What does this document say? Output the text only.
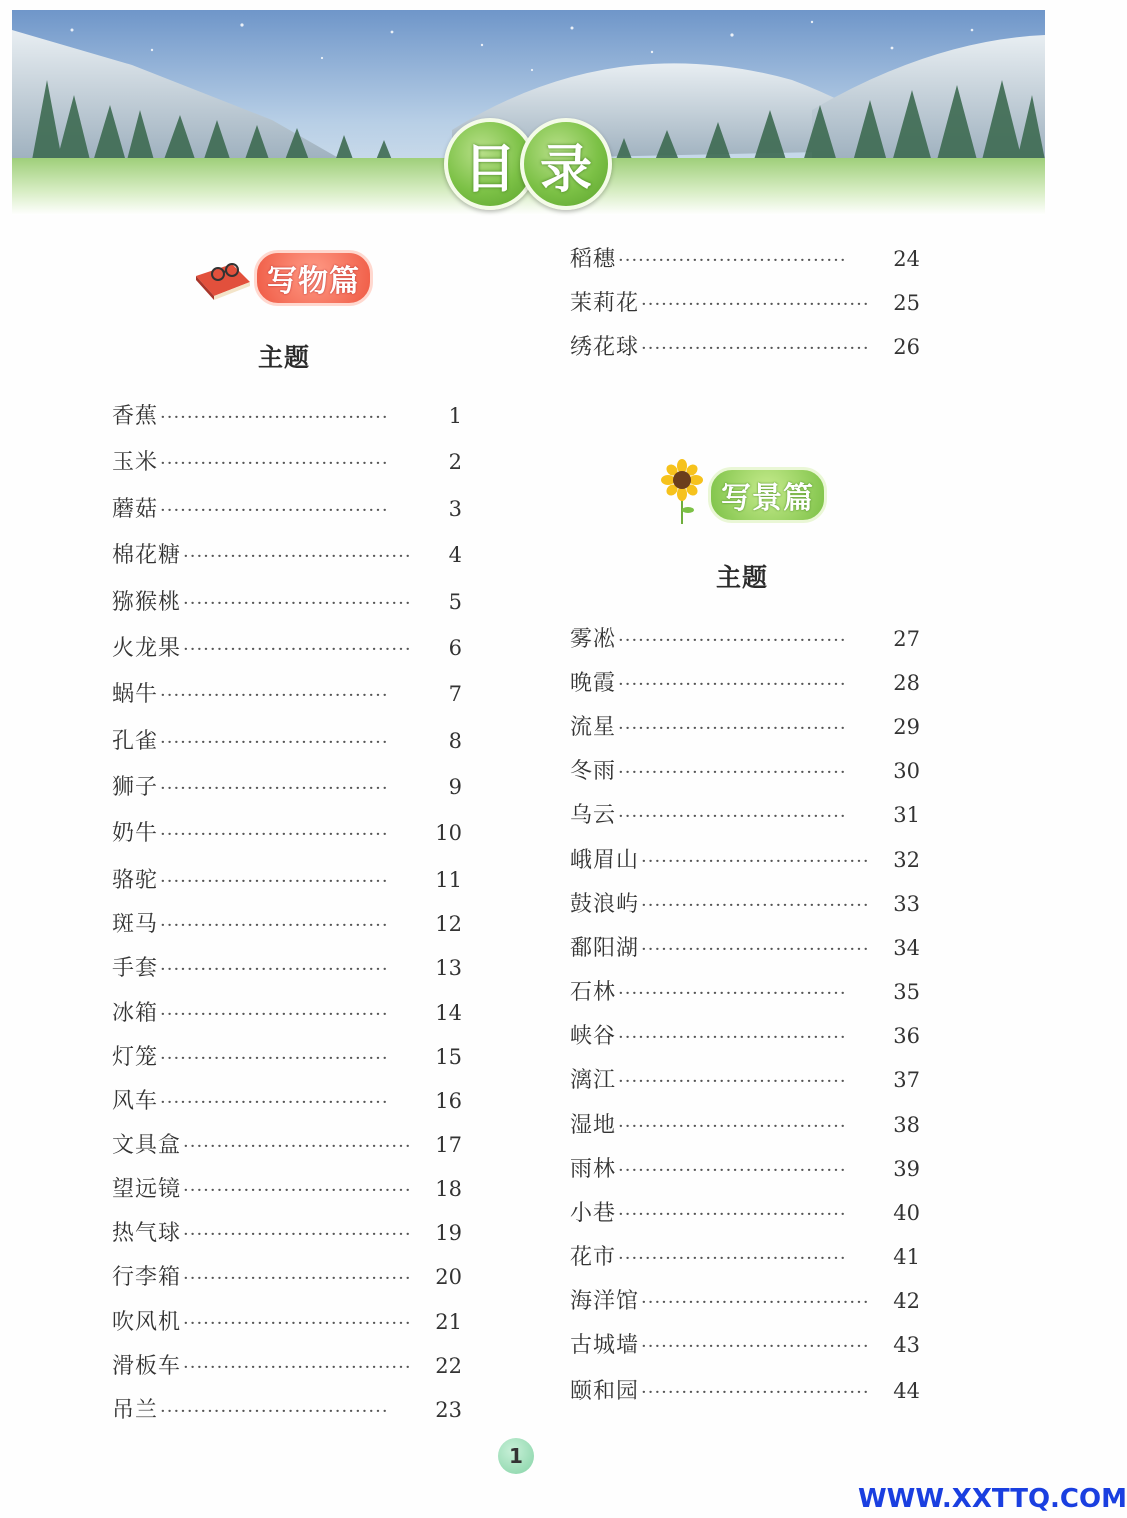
目 录
写物篇
主题
香蕉 ··································	1
玉米 ··································	2
蘑菇 ··································	3
棉花糖 ··································	4
猕猴桃 ··································	5
火龙果 ··································	6
蜗牛 ··································	7
孔雀 ··································	8
狮子 ··································	9
奶牛 ··································	10
骆驼 ··································	11
斑马 ··································	12
手套 ··································	13
冰箱 ··································	14
灯笼 ··································	15
风车 ··································	16
文具盒 ··································	17
望远镜 ··································	18
热气球 ··································	19
行李箱 ··································	20
吹风机 ··································	21
滑板车 ··································	22
吊兰 ··································	23
稻穗 ··································	24
茉莉花 ··································	25
绣花球 ··································	26
写景篇
主题
雾凇 ··································	27
晚霞 ··································	28
流星 ··································	29
冬雨 ··································	30
乌云 ··································	31
峨眉山 ··································	32
鼓浪屿 ··································	33
鄱阳湖 ··································	34
石林 ··································	35
峡谷 ··································	36
漓江 ··································	37
湿地 ··································	38
雨林 ··································	39
小巷 ··································	40
花市 ··································	41
海洋馆 ··································	42
古城墙 ··································	43
颐和园 ··································	44
1
WWW.XXTTQ.COM
